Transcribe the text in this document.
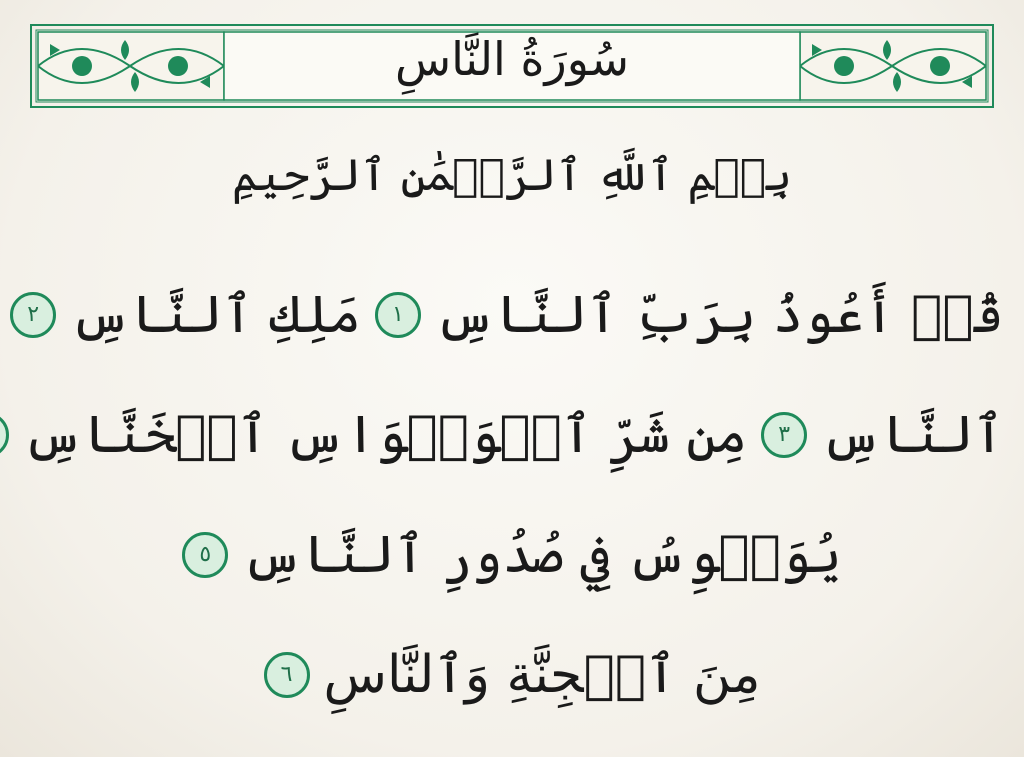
سُورَةُ النَّاسِ
بِسۡمِ ٱللَّهِ ٱلرَّحۡمَٰنِ ٱلرَّحِيمِ
قُلۡ أَعُوذُ بِرَبِّ ٱلنَّاسِ
١
مَلِكِ ٱلنَّاسِ
٢
ٱلنَّاسِ
٣
مِن شَرِّ ٱلۡوَسۡوَاسِ ٱلۡخَنَّاسِ
يُوَسۡوِسُ فِي صُدُورِ ٱلنَّاسِ
٥
مِنَ ٱلۡجِنَّةِ وَٱلنَّاسِ
٦
